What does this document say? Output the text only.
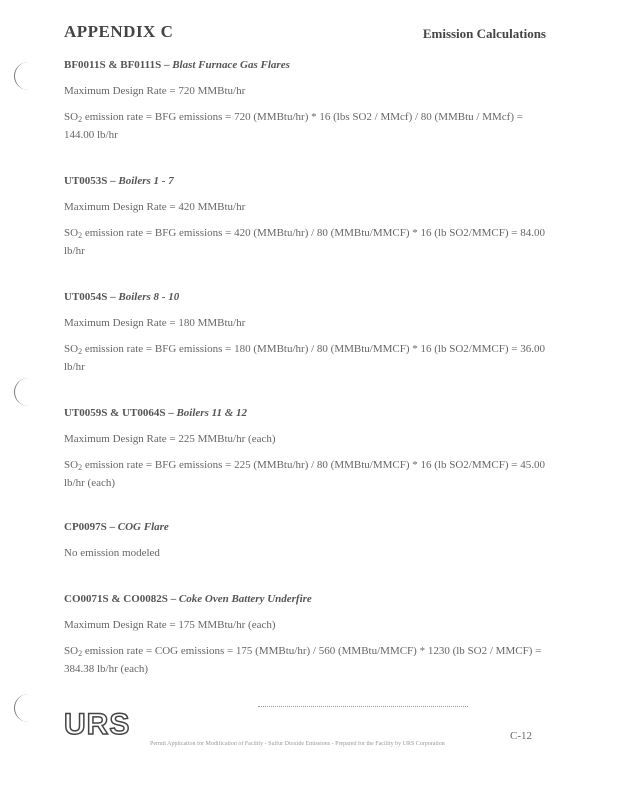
APPENDIX C	Emission Calculations
BF0011S & BF0111S – Blast Furnace Gas Flares

Maximum Design Rate = 720 MMBtu/hr

$SO_2$ emission rate = BFG emissions = 720 (MMBtu/hr) * 16 (lbs SO2 / MMcf) / 80 (MMBtu / MMcf) = 144.00 lb/hr

UT0053S – Boilers 1 - 7

Maximum Design Rate = 420 MMBtu/hr

$SO_2$ emission rate = BFG emissions = 420 (MMBtu/hr) / 80 (MMBtu/MMCF) * 16 (lb SO2/MMCF) = 84.00 lb/hr

UT0054S – Boilers 8 - 10

Maximum Design Rate = 180 MMBtu/hr

$SO_2$ emission rate = BFG emissions = 180 (MMBtu/hr) / 80 (MMBtu/MMCF) * 16 (lb SO2/MMCF) = 36.00 lb/hr

UT0059S & UT0064S – Boilers 11 & 12

Maximum Design Rate = 225 MMBtu/hr (each)

$SO_2$ emission rate = BFG emissions = 225 (MMBtu/hr) / 80 (MMBtu/MMCF) * 16 (lb SO2/MMCF) = 45.00 lb/hr (each)

CP0097S – COG Flare

No emission modeled

CO0071S & CO0082S – Coke Oven Battery Underfire

Maximum Design Rate = 175 MMBtu/hr (each)

$SO_2$ emission rate = COG emissions = 175 (MMBtu/hr) / 560 (MMBtu/MMCF) * 1230 (lb SO2 / MMCF) = 384.38 lb/hr (each)

URS	C-12
Permit Application for Modification of Facility - Sulfur Dioxide Emissions - Prepared for the Facility by URS Corporation
